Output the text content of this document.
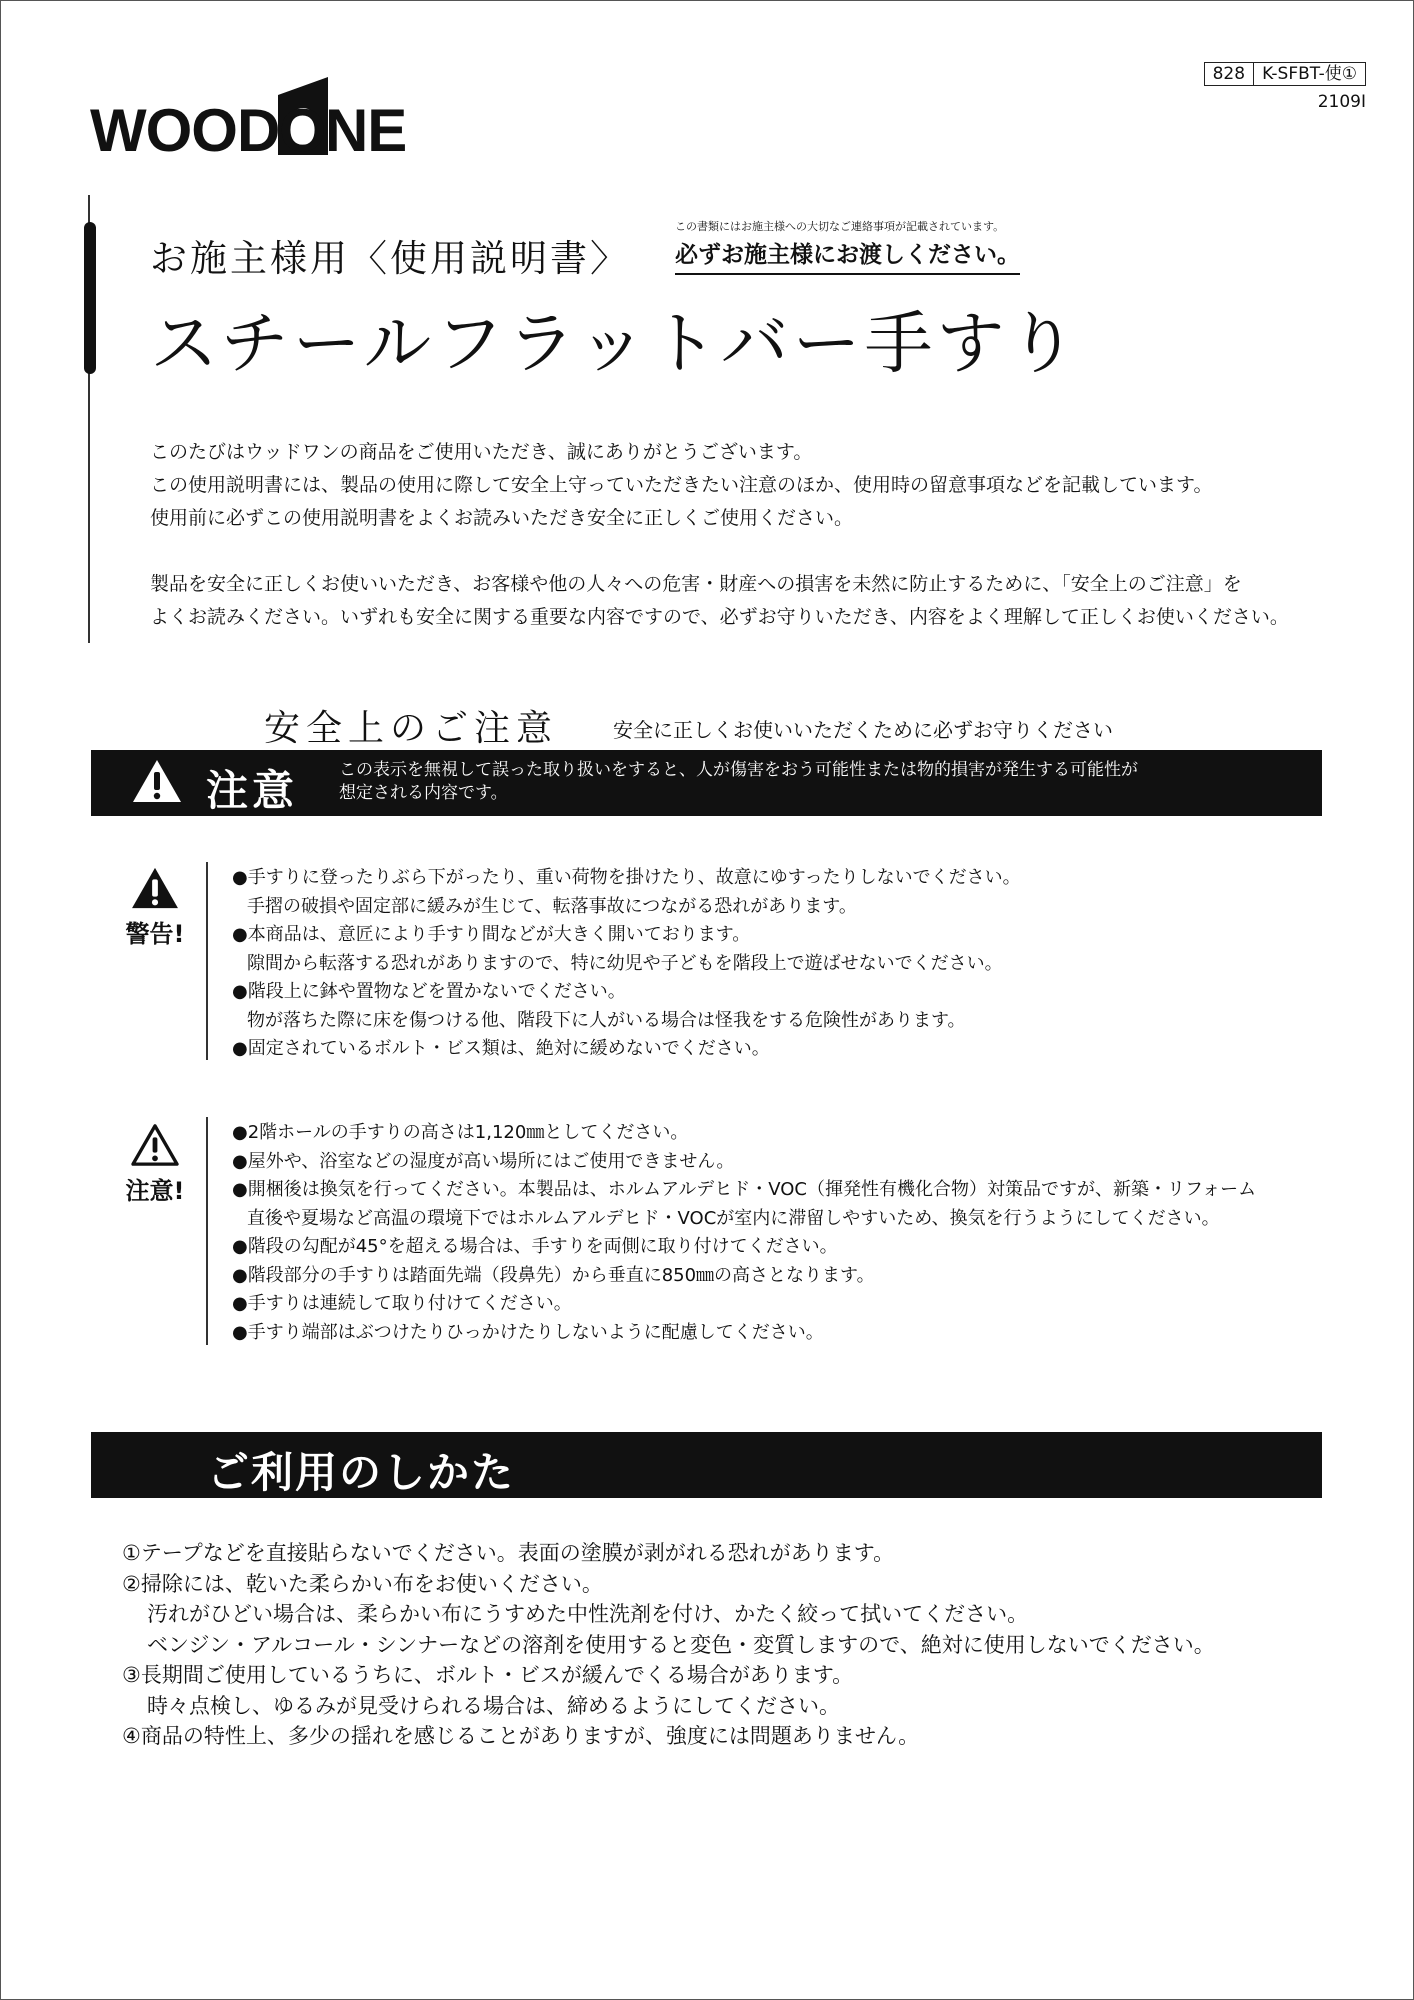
WOODONE
828	K-SFBT-使①
2109I
お施主様用〈使用説明書〉
この書類にはお施主様への大切なご連絡事項が記載されています。
必ずお施主様にお渡しください。
スチールフラットバー手すり

このたびはウッドワンの商品をご使用いただき、誠にありがとうございます。

この使用説明書には、製品の使用に際して安全上守っていただきたい注意のほか、使用時の留意事項などを記載しています。

使用前に必ずこの使用説明書をよくお読みいただき安全に正しくご使用ください。

製品を安全に正しくお使いいただき、お客様や他の人々への危害・財産への損害を未然に防止するために、「安全上のご注意」を

よくお読みください。いずれも安全に関する重要な内容ですので、必ずお守りいただき、内容をよく理解して正しくお使いください。

安全上のご注意	安全に正しくお使いいただくために必ずお守りください
注意 この表示を無視して誤った取り扱いをすると、人が傷害をおう可能性または物的損害が発生する可能性が
想定される内容です。
警告!
●手すりに登ったりぶら下がったり、重い荷物を掛けたり、故意にゆすったりしないでください。
手摺の破損や固定部に緩みが生じて、転落事故につながる恐れがあります。
●本商品は、意匠により手すり間などが大きく開いております。
隙間から転落する恐れがありますので、特に幼児や子どもを階段上で遊ばせないでください。
●階段上に鉢や置物などを置かないでください。
物が落ちた際に床を傷つける他、階段下に人がいる場合は怪我をする危険性があります。
●固定されているボルト・ビス類は、絶対に緩めないでください。
注意!
●2階ホールの手すりの高さは1,120㎜としてください。
●屋外や、浴室などの湿度が高い場所にはご使用できません。
●開梱後は換気を行ってください。本製品は、ホルムアルデヒド・VOC（揮発性有機化合物）対策品ですが、新築・リフォーム
直後や夏場など高温の環境下ではホルムアルデヒド・VOCが室内に滞留しやすいため、換気を行うようにしてください。
●階段の勾配が45°を超える場合は、手すりを両側に取り付けてください。
●階段部分の手すりは踏面先端（段鼻先）から垂直に850㎜の高さとなります。
●手すりは連続して取り付けてください。
●手すり端部はぶつけたりひっかけたりしないように配慮してください。
ご利用のしかた
①テープなどを直接貼らないでください。表面の塗膜が剥がれる恐れがあります。
②掃除には、乾いた柔らかい布をお使いください。
汚れがひどい場合は、柔らかい布にうすめた中性洗剤を付け、かたく絞って拭いてください。
ベンジン・アルコール・シンナーなどの溶剤を使用すると変色・変質しますので、絶対に使用しないでください。
③長期間ご使用しているうちに、ボルト・ビスが緩んでくる場合があります。
時々点検し、ゆるみが見受けられる場合は、締めるようにしてください。
④商品の特性上、多少の揺れを感じることがありますが、強度には問題ありません。
